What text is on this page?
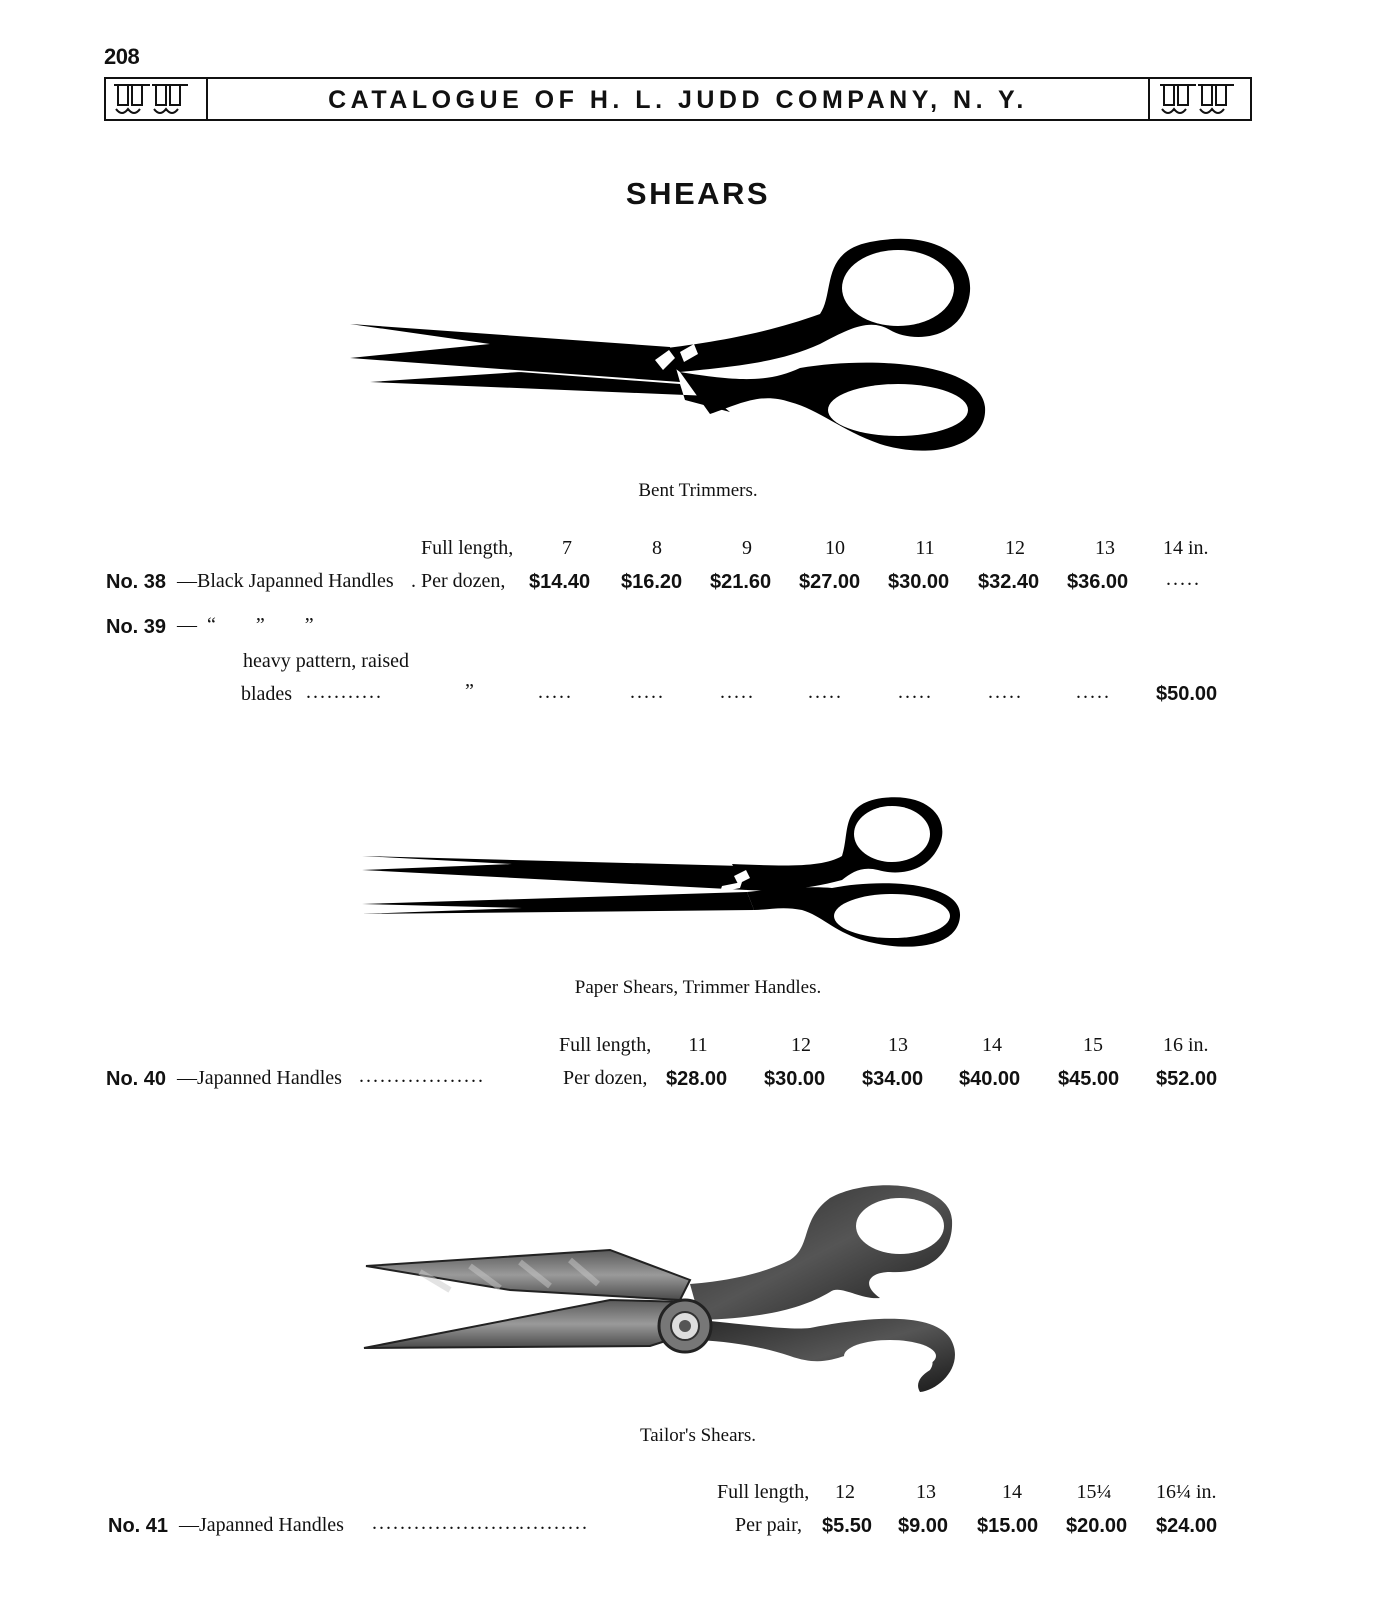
208
CATALOGUE OF H. L. JUDD COMPANY, N. Y.
SHEARS
Bent Trimmers.
Full length,	7	8	9	10	11	12	13	14 in.
No. 38 —Black Japanned Handles . Per dozen, $14.40 $16.20 $21.60 $27.00 $30.00 $32.40 $36.00 .....
No. 39 —  “        ”        ”
heavy pattern, raised
blades ...........	”	.....	.....	.....	.....	.....	.....	..... $50.00
Paper Shears, Trimmer Handles.
Full length,	11	12	13	14	15	16 in.
No. 40 —Japanned Handles ..................	Per dozen, $28.00 $30.00 $34.00 $40.00 $45.00 $52.00
Tailor's Shears.
Full length,	12	13	14	15¼	16¼ in.
No. 41 —Japanned Handles ...............................	Per pair, $5.50 $9.00 $15.00 $20.00 $24.00
